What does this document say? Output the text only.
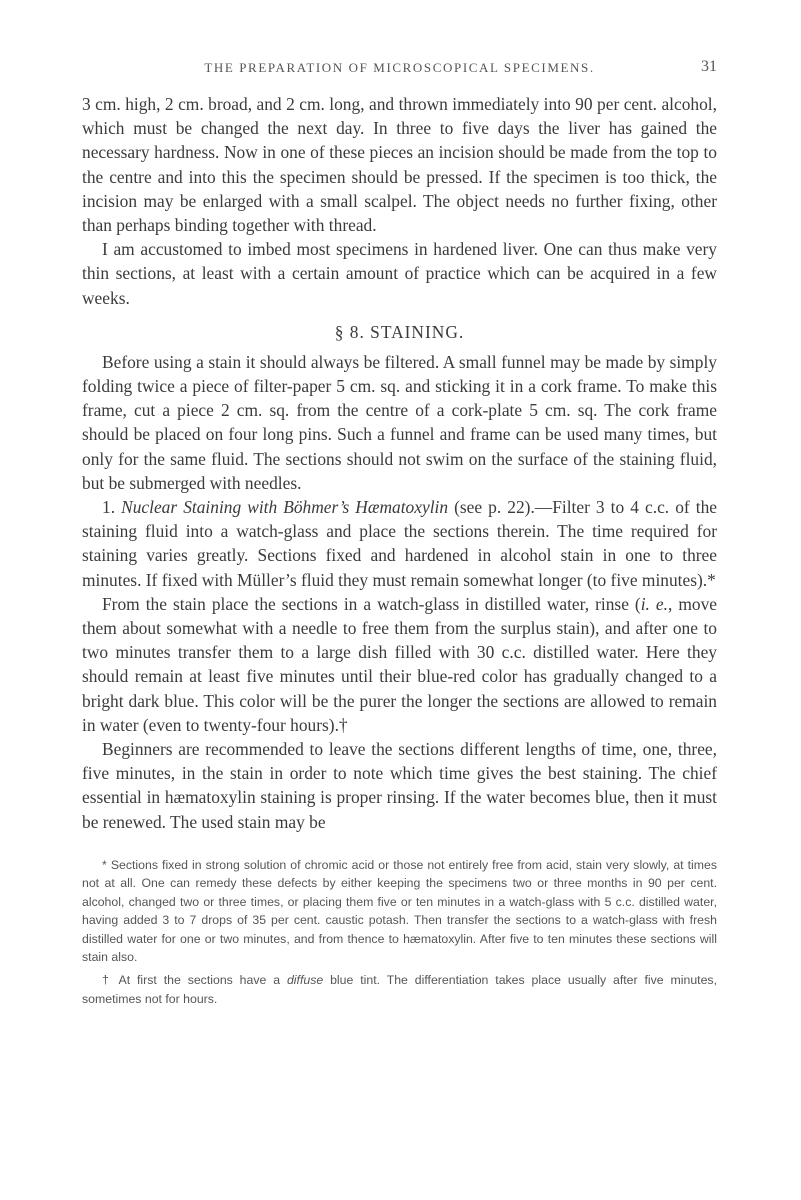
THE PREPARATION OF MICROSCOPICAL SPECIMENS.	31

3 cm. high, 2 cm. broad, and 2 cm. long, and thrown immediately into 90 per cent. alcohol, which must be changed the next day. In three to five days the liver has gained the necessary hardness. Now in one of these pieces an incision should be made from the top to the centre and into this the specimen should be pressed. If the specimen is too thick, the incision may be enlarged with a small scalpel. The object needs no further fixing, other than perhaps binding together with thread.

I am accustomed to imbed most specimens in hardened liver. One can thus make very thin sections, at least with a certain amount of practice which can be acquired in a few weeks.

§ 8. STAINING.

Before using a stain it should always be filtered. A small funnel may be made by simply folding twice a piece of filter-paper 5 cm. sq. and sticking it in a cork frame. To make this frame, cut a piece 2 cm. sq. from the centre of a cork-plate 5 cm. sq. The cork frame should be placed on four long pins. Such a funnel and frame can be used many times, but only for the same fluid. The sections should not swim on the surface of the staining fluid, but be submerged with needles.

1. Nuclear Staining with Böhmer’s Hæmatoxylin (see p. 22).—Filter 3 to 4 c.c. of the staining fluid into a watch-glass and place the sections therein. The time required for staining varies greatly. Sections fixed and hardened in alcohol stain in one to three minutes. If fixed with Müller’s fluid they must remain somewhat longer (to five minutes).*

From the stain place the sections in a watch-glass in distilled water, rinse (i. e., move them about somewhat with a needle to free them from the surplus stain), and after one to two minutes transfer them to a large dish filled with 30 c.c. distilled water. Here they should remain at least five minutes until their blue-red color has gradually changed to a bright dark blue. This color will be the purer the longer the sections are allowed to remain in water (even to twenty-four hours).†

Beginners are recommended to leave the sections different lengths of time, one, three, five minutes, in the stain in order to note which time gives the best staining. The chief essential in hæmatoxylin staining is proper rinsing. If the water becomes blue, then it must be renewed. The used stain may be

* Sections fixed in strong solution of chromic acid or those not entirely free from acid, stain very slowly, at times not at all. One can remedy these defects by either keeping the specimens two or three months in 90 per cent. alcohol, changed two or three times, or placing them five or ten minutes in a watch-glass with 5 c.c. distilled water, having added 3 to 7 drops of 35 per cent. caustic potash. Then transfer the sections to a watch-glass with fresh distilled water for one or two minutes, and from thence to hæmatoxylin. After five to ten minutes these sections will stain also.

† At first the sections have a diffuse blue tint. The differentiation takes place usually after five minutes, sometimes not for hours.
